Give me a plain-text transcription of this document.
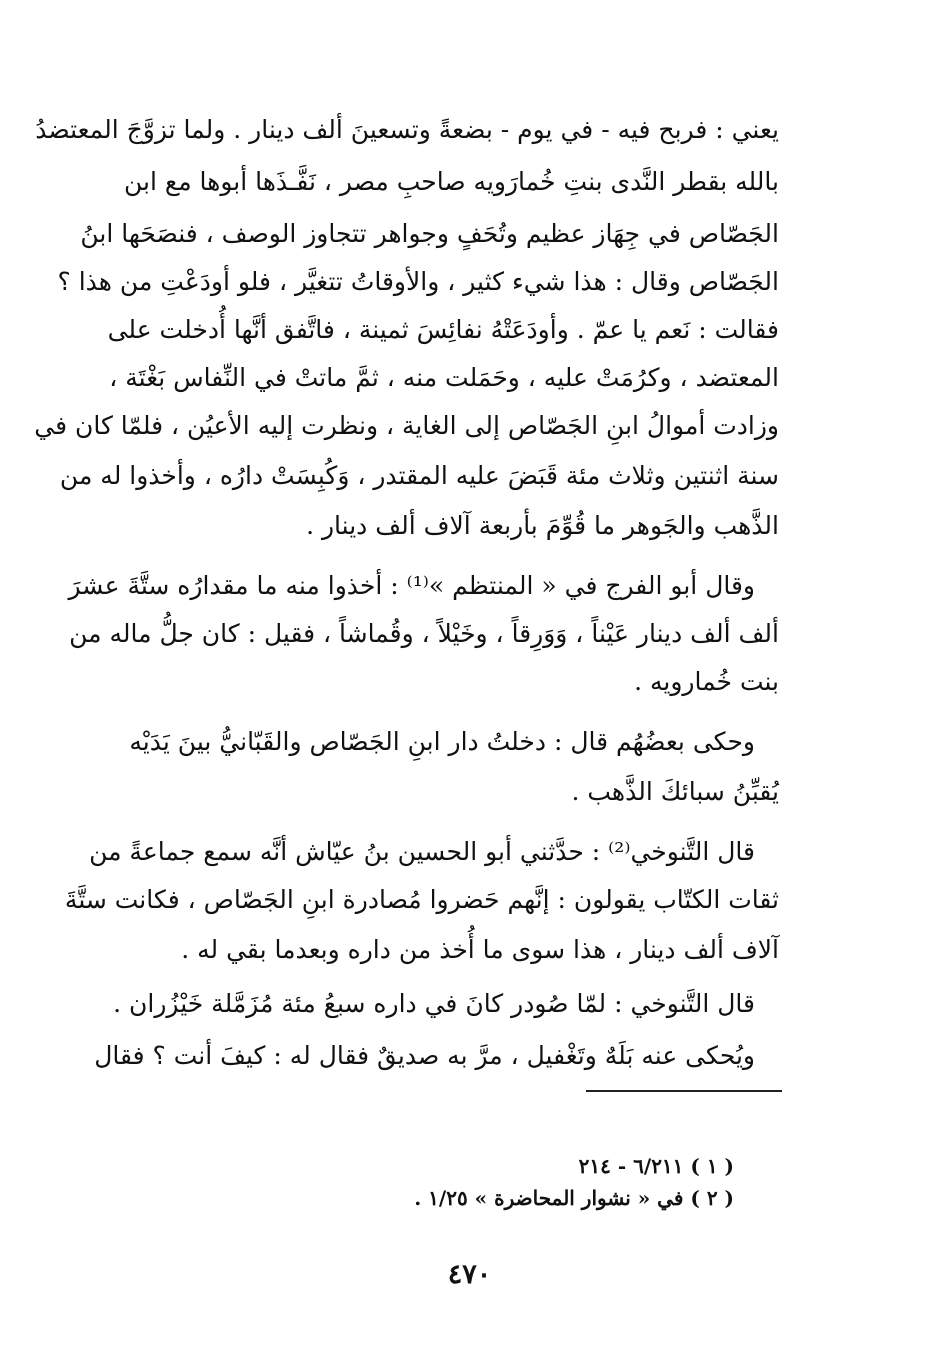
يعني : فربح فيه - في يوم - بضعةً وتسعينَ ألف دينار . ولما تزوَّجَ المعتضدُ
بالله بقطر النَّدى بنتِ خُمارَويه صاحبِ مصر ، نَفَّـذَها أبوها مع ابن
الجَصّاص في جِهَاز عظيم وتُحَفٍ وجواهر تتجاوز الوصف ، فنصَحَها ابنُ
الجَصّاص وقال : هذا شيء كثير ، والأوقاتُ تتغيَّر ، فلو أودَعْتِ من هذا ؟
فقالت : نَعم يا عمّ . وأودَعَتْهُ نفائِسَ ثمينة ، فاتَّفق أنَّها أُدخلت على
المعتضد ، وكرُمَتْ عليه ، وحَمَلت منه ، ثمَّ ماتتْ في النِّفاس بَغْتَة ،
وزادت أموالُ ابنِ الجَصّاص إلى الغاية ، ونظرت إليه الأعيُن ، فلمّا كان في
سنة اثنتين وثلاث مئة قَبَضَ عليه المقتدر ، وَكُبِسَتْ دارُه ، وأخذوا له من
الذَّهب والجَوهر ما قُوِّمَ بأربعة آلاف ألف دينار .
وقال أبو الفرج في « المنتظم »⁽¹⁾ : أخذوا منه ما مقدارُه ستَّةَ عشرَ
ألف ألف دينار عَيْناً ، وَوَرِقاً ، وخَيْلاً ، وقُماشاً ، فقيل : كان جلُّ ماله من
بنت خُمارويه .
وحكى بعضُهُم قال : دخلتُ دار ابنِ الجَصّاص والقَبّانيُّ بينَ يَدَيْه
يُقبِّنُ سبائكَ الذَّهب .
قال التَّنوخي⁽²⁾ : حدَّثني أبو الحسين بنُ عيّاش أنَّه سمع جماعةً من
ثقات الكتّاب يقولون : إنَّهم حَضروا مُصادرة ابنِ الجَصّاص ، فكانت ستَّةَ
آلاف ألف دينار ، هذا سوى ما أُخذ من داره وبعدما بقي له .
قال التَّنوخي : لمّا صُودر كانَ في داره سبعُ مئة مُزَمَّلة خَيْزُران .
ويُحكى عنه بَلَهٌ وتَغْفيل ، مرَّ به صديقٌ فقال له : كيفَ أنت ؟ فقال
( ١ ) ٦/٢١١ - ٢١٤
( ٢ ) في « نشوار المحاضرة » ١/٢٥ .
٤٧٠
